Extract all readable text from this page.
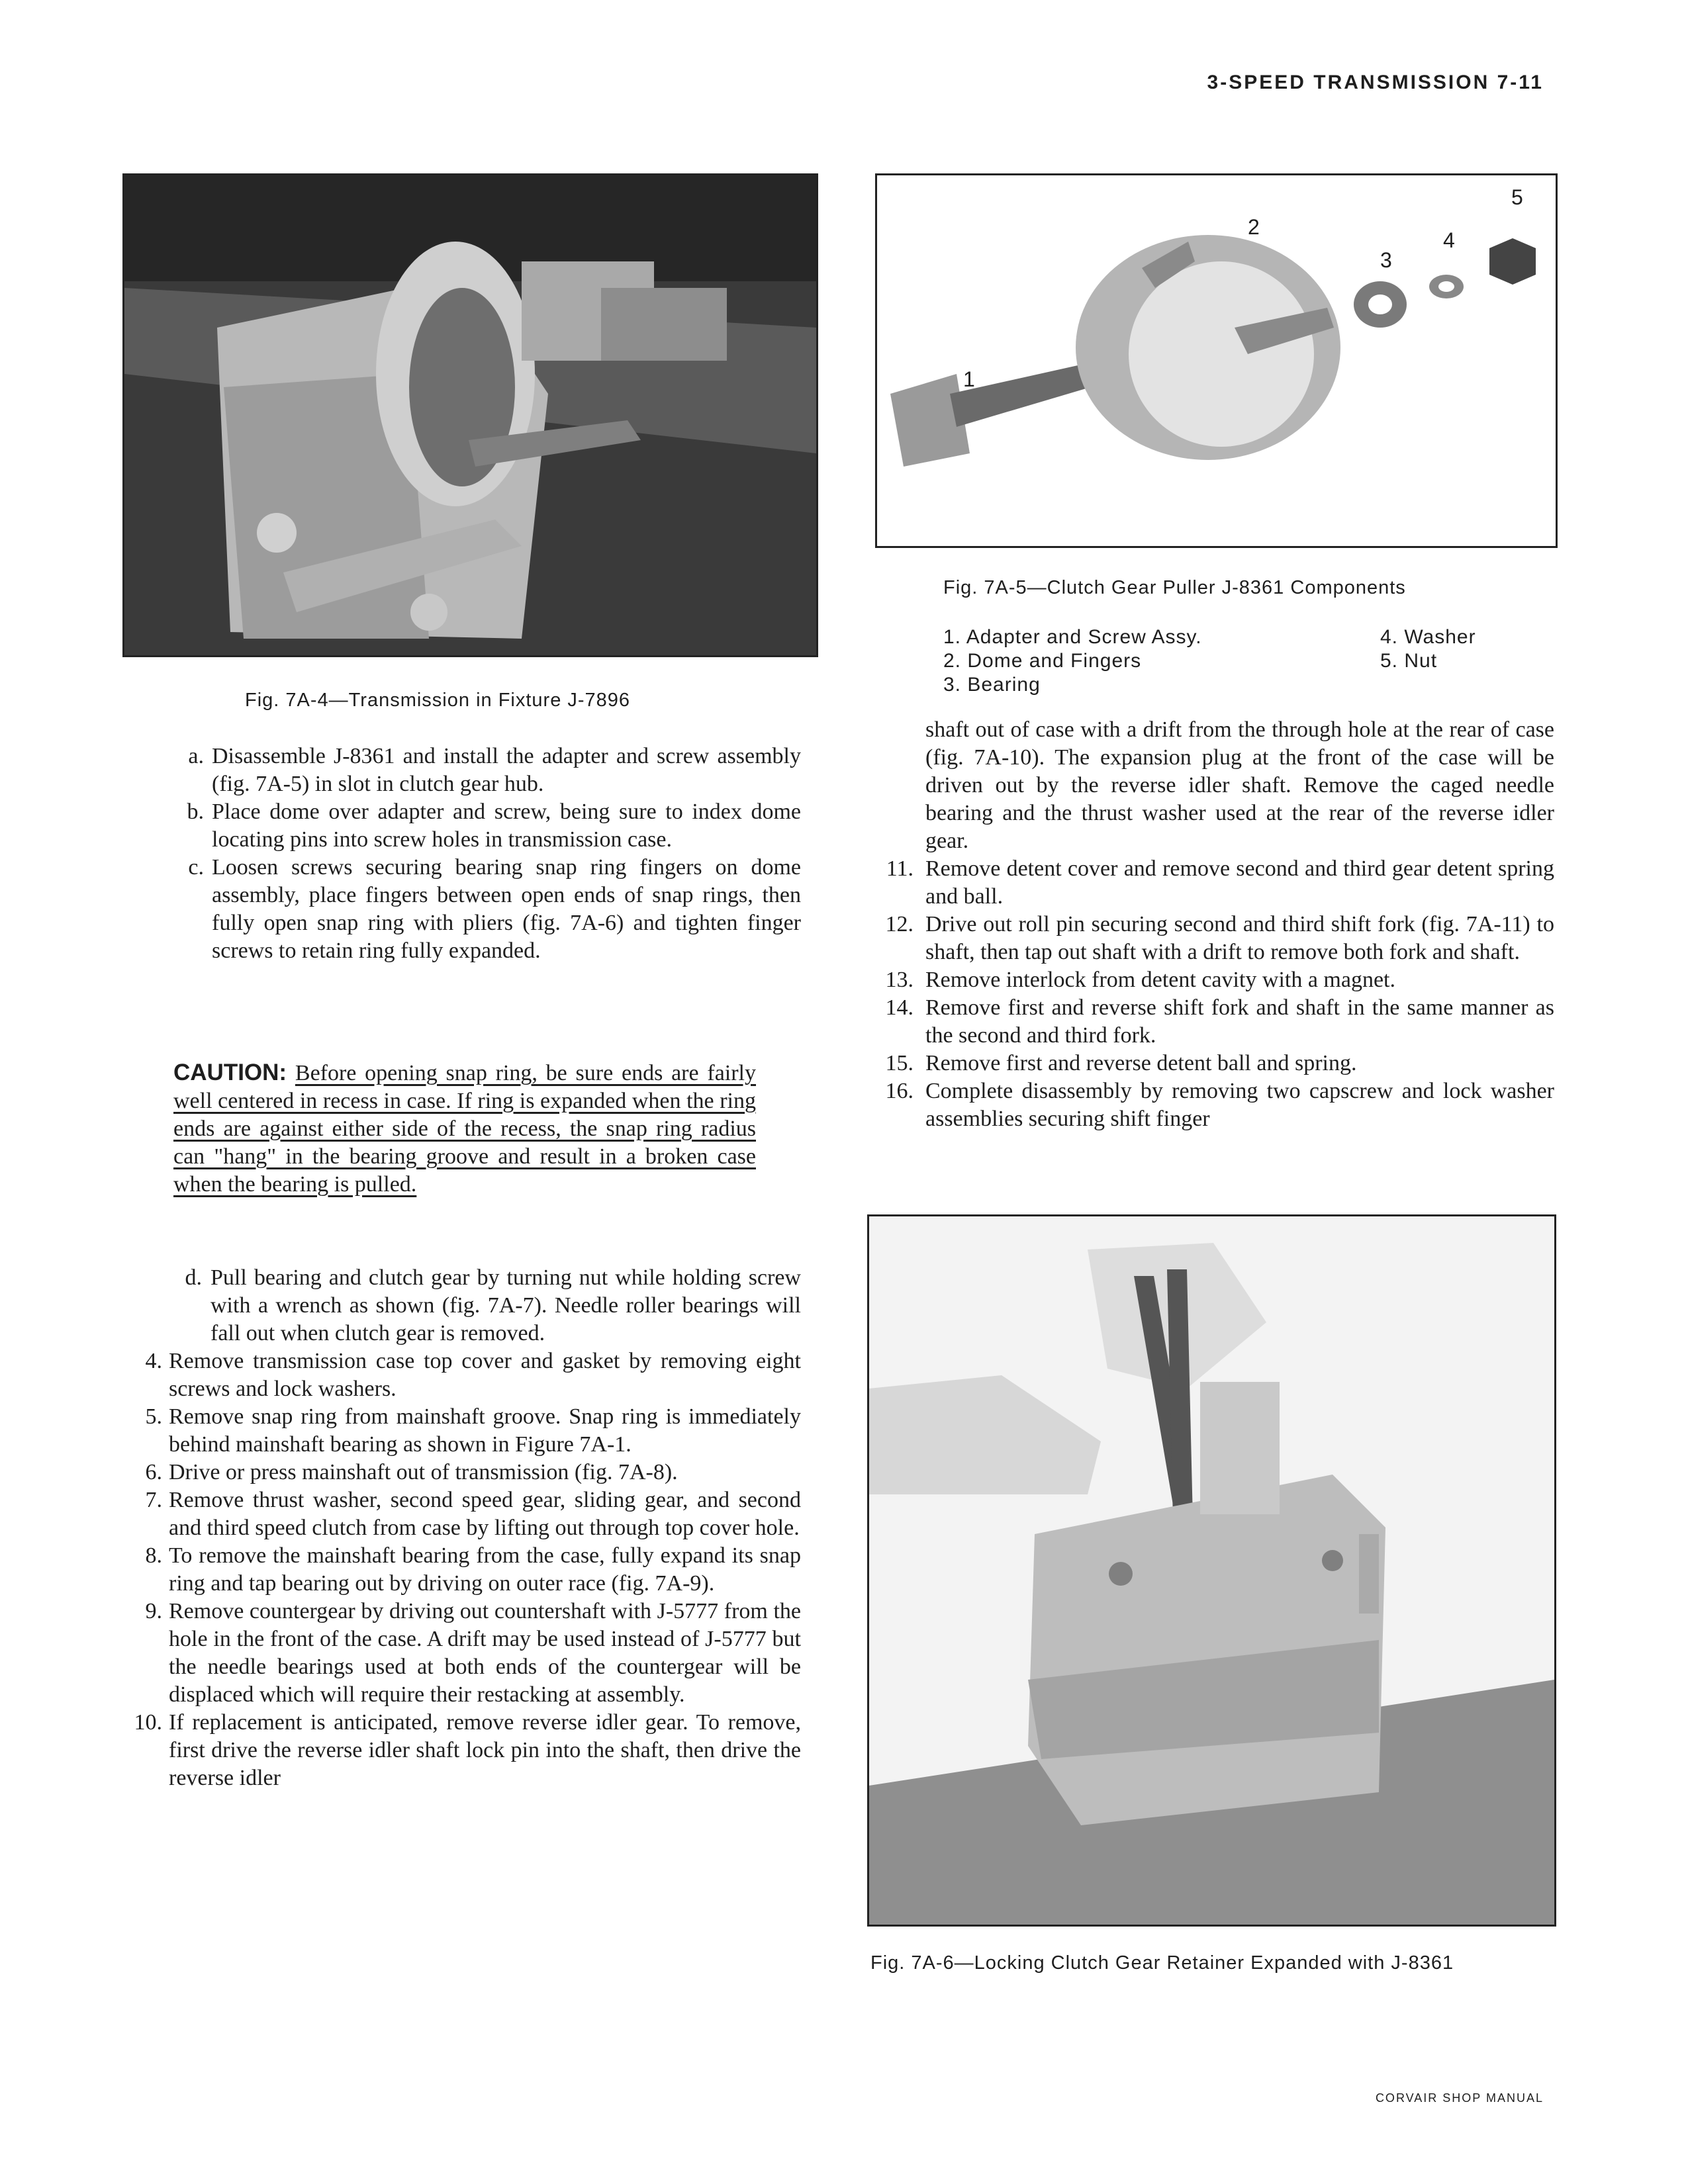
3-SPEED TRANSMISSION 7-11
Fig. 7A-4—Transmission in Fixture J-7896
1
2
3
4
5
Fig. 7A-5—Clutch Gear Puller J-8361 Components
1. Adapter and Screw Assy.	4. Washer
2. Dome and Fingers	5. Nut
3. Bearing
a. Disassemble J-8361 and install the adapter and screw assembly (fig. 7A-5) in slot in clutch gear hub.
b. Place dome over adapter and screw, being sure to index dome locating pins into screw holes in transmission case.
c. Loosen screws securing bearing snap ring fingers on dome assembly, place fingers between open ends of snap rings, then fully open snap ring with pliers (fig. 7A-6) and tighten finger screws to retain ring fully expanded.
CAUTION: Before opening snap ring, be sure ends are fairly well centered in recess in case. If ring is expanded when the ring ends are against either side of the recess, the snap ring radius can "hang" in the bearing groove and result in a broken case when the bearing is pulled.
d. Pull bearing and clutch gear by turning nut while holding screw with a wrench as shown (fig. 7A-7). Needle roller bearings will fall out when clutch gear is removed.
4. Remove transmission case top cover and gasket by removing eight screws and lock washers.
5. Remove snap ring from mainshaft groove. Snap ring is immediately behind mainshaft bearing as shown in Figure 7A-1.
6. Drive or press mainshaft out of transmission (fig. 7A-8).
7. Remove thrust washer, second speed gear, sliding gear, and second and third speed clutch from case by lifting out through top cover hole.
8. To remove the mainshaft bearing from the case, fully expand its snap ring and tap bearing out by driving on outer race (fig. 7A-9).
9. Remove countergear by driving out countershaft with J-5777 from the hole in the front of the case. A drift may be used instead of J-5777 but the needle bearings used at both ends of the countergear will be displaced which will require their restacking at assembly.
10. If replacement is anticipated, remove reverse idler gear. To remove, first drive the reverse idler shaft lock pin into the shaft, then drive the reverse idler
shaft out of case with a drift from the through hole at the rear of case (fig. 7A-10). The expansion plug at the front of the case will be driven out by the reverse idler shaft. Remove the caged needle bearing and the thrust washer used at the rear of the reverse idler gear.
11. Remove detent cover and remove second and third gear detent spring and ball.
12. Drive out roll pin securing second and third shift fork (fig. 7A-11) to shaft, then tap out shaft with a drift to remove both fork and shaft.
13. Remove interlock from detent cavity with a magnet.
14. Remove first and reverse shift fork and shaft in the same manner as the second and third fork.
15. Remove first and reverse detent ball and spring.
16. Complete disassembly by removing two capscrew and lock washer assemblies securing shift finger
Fig. 7A-6—Locking Clutch Gear Retainer Expanded with J-8361
CORVAIR SHOP MANUAL
